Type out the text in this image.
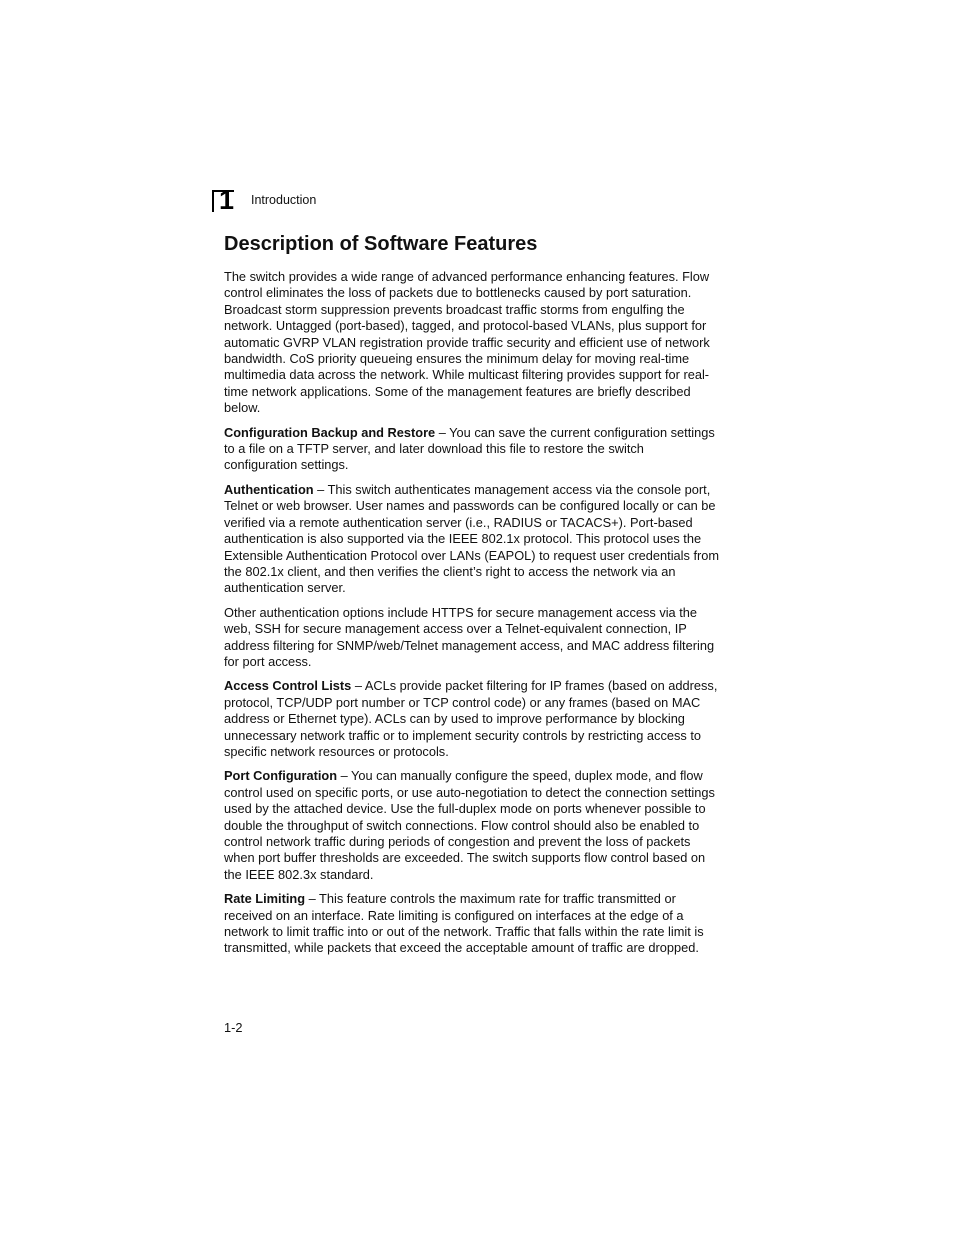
1 Introduction
Description of Software Features

The switch provides a wide range of advanced performance enhancing features. Flow control eliminates the loss of packets due to bottlenecks caused by port saturation. Broadcast storm suppression prevents broadcast traffic storms from engulfing the network. Untagged (port-based), tagged, and protocol-based VLANs, plus support for automatic GVRP VLAN registration provide traffic security and efficient use of network bandwidth. CoS priority queueing ensures the minimum delay for moving real-time multimedia data across the network. While multicast filtering provides support for real-time network applications. Some of the management features are briefly described below.

Configuration Backup and Restore – You can save the current configuration settings to a file on a TFTP server, and later download this file to restore the switch configuration settings.

Authentication – This switch authenticates management access via the console port, Telnet or web browser. User names and passwords can be configured locally or can be verified via a remote authentication server (i.e., RADIUS or TACACS+). Port-based authentication is also supported via the IEEE 802.1x protocol. This protocol uses the Extensible Authentication Protocol over LANs (EAPOL) to request user credentials from the 802.1x client, and then verifies the client’s right to access the network via an authentication server.

Other authentication options include HTTPS for secure management access via the web, SSH for secure management access over a Telnet-equivalent connection, IP address filtering for SNMP/web/Telnet management access, and MAC address filtering for port access.

Access Control Lists – ACLs provide packet filtering for IP frames (based on address, protocol, TCP/UDP port number or TCP control code) or any frames (based on MAC address or Ethernet type). ACLs can by used to improve performance by blocking unnecessary network traffic or to implement security controls by restricting access to specific network resources or protocols.

Port Configuration – You can manually configure the speed, duplex mode, and flow control used on specific ports, or use auto-negotiation to detect the connection settings used by the attached device. Use the full-duplex mode on ports whenever possible to double the throughput of switch connections. Flow control should also be enabled to control network traffic during periods of congestion and prevent the loss of packets when port buffer thresholds are exceeded. The switch supports flow control based on the IEEE 802.3x standard.

Rate Limiting – This feature controls the maximum rate for traffic transmitted or received on an interface. Rate limiting is configured on interfaces at the edge of a network to limit traffic into or out of the network. Traffic that falls within the rate limit is transmitted, while packets that exceed the acceptable amount of traffic are dropped.

1-2
